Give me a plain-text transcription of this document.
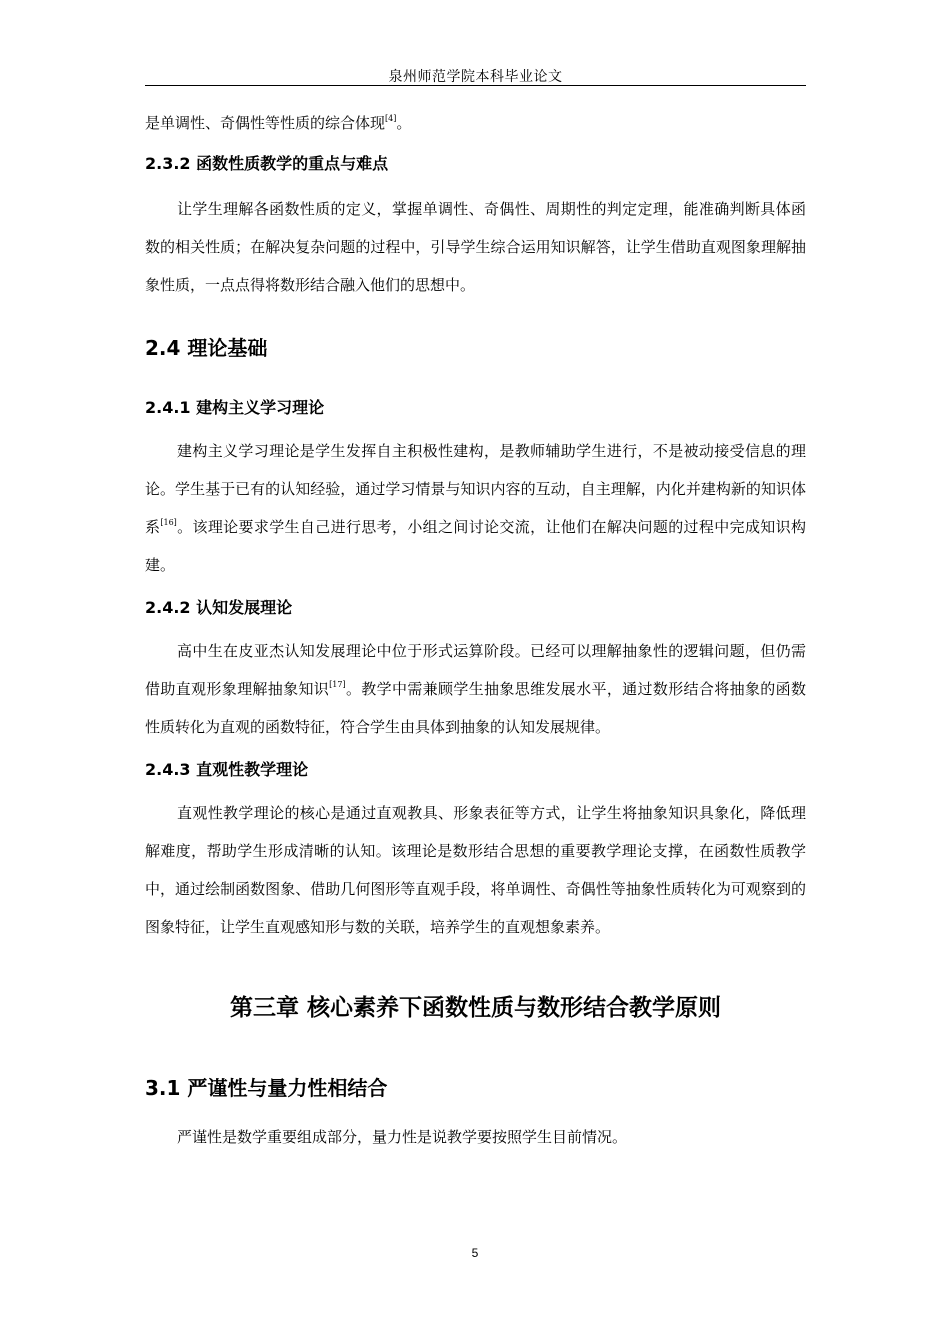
泉州师范学院本科毕业论文

是单调性、奇偶性等性质的综合体现[4]。

2.3.2 函数性质教学的重点与难点

让学生理解各函数性质的定义，掌握单调性、奇偶性、周期性的判定定理，能准确判断具体函数的相关性质；在解决复杂问题的过程中，引导学生综合运用知识解答，让学生借助直观图象理解抽象性质，一点点得将数形结合融入他们的思想中。

2.4 理论基础
2.4.1 建构主义学习理论

建构主义学习理论是学生发挥自主积极性建构，是教师辅助学生进行，不是被动接受信息的理论。学生基于已有的认知经验，通过学习情景与知识内容的互动，自主理解，内化并建构新的知识体系[16]。该理论要求学生自己进行思考，小组之间讨论交流，让他们在解决问题的过程中完成知识构建。

2.4.2 认知发展理论

高中生在皮亚杰认知发展理论中位于形式运算阶段。已经可以理解抽象性的逻辑问题，但仍需借助直观形象理解抽象知识[17]。教学中需兼顾学生抽象思维发展水平，通过数形结合将抽象的函数性质转化为直观的函数特征，符合学生由具体到抽象的认知发展规律。

2.4.3 直观性教学理论

直观性教学理论的核心是通过直观教具、形象表征等方式，让学生将抽象知识具象化，降低理解难度，帮助学生形成清晰的认知。该理论是数形结合思想的重要教学理论支撑，在函数性质教学中，通过绘制函数图象、借助几何图形等直观手段，将单调性、奇偶性等抽象性质转化为可观察到的图象特征，让学生直观感知形与数的关联，培养学生的直观想象素养。

第三章 核心素养下函数性质与数形结合教学原则
3.1 严谨性与量力性相结合

严谨性是数学重要组成部分，量力性是说教学要按照学生目前情况。

5
